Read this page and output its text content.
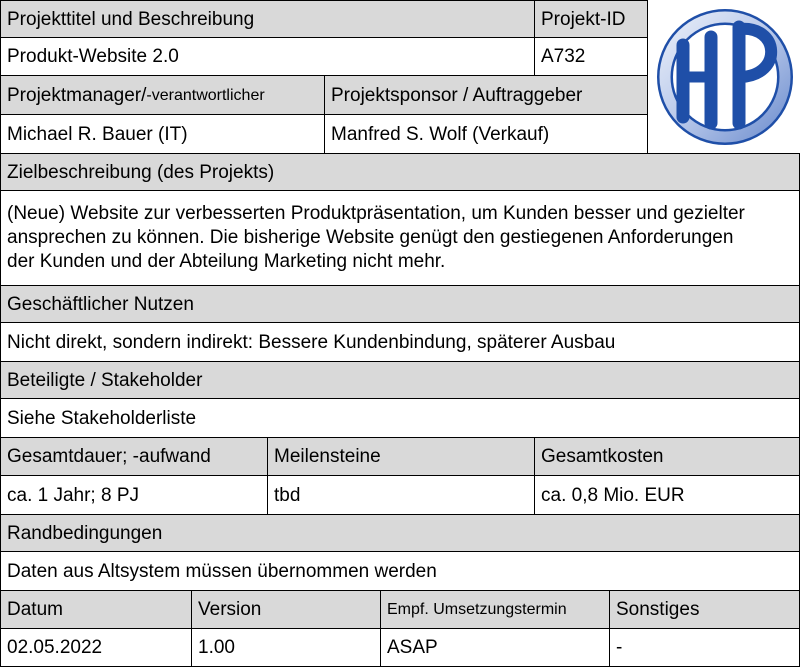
Projekttitel und Beschreibung	Projekt-ID
Produkt-Website 2.0	A732
Projektmanager/ -verantwortlicher	Projektsponsor / Auftraggeber
Michael R. Bauer (IT)	Manfred S. Wolf (Verkauf)
Zielbeschreibung (des Projekts)
(Neue) Website zur verbesserten Produktpräsentation, um Kunden besser und gezielter ansprechen zu können. Die bisherige Website genügt den gestiegenen Anforderungen der Kunden und der Abteilung Marketing nicht mehr.
Geschäftlicher Nutzen
Nicht direkt, sondern indirekt: Bessere Kundenbindung, späterer Ausbau
Beteiligte / Stakeholder
Siehe Stakeholderliste
Gesamtdauer; -aufwand	Meilensteine	Gesamtkosten
ca. 1 Jahr; 8 PJ	tbd	ca. 0,8 Mio. EUR
Randbedingungen
Daten aus Altsystem müssen übernommen werden
Datum	Version	Empf. Umsetzungstermin	Sonstiges
02.05.2022	1.00	ASAP	-
